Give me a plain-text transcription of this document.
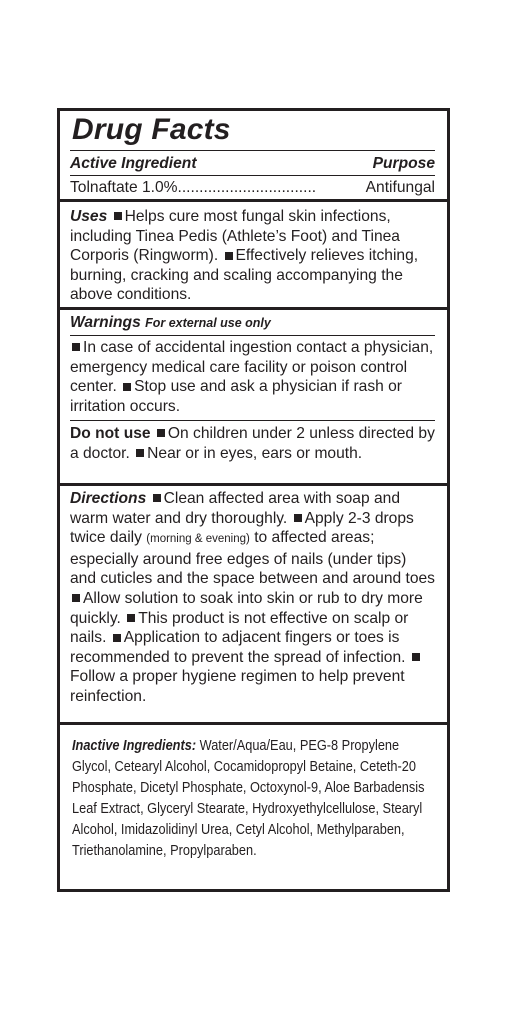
Drug Facts
Active Ingredient	Purpose
Tolnaftate 1.0%................................	Antifungal
Uses Helps cure most fungal skin infections, including Tinea Pedis (Athlete’s Foot) and Tinea Corporis (Ringworm). Effectively relieves itching, burning, cracking and scaling accompanying the above conditions.
Warnings For external use only
In case of accidental ingestion contact a physician, emergency medical care facility or poison control center. Stop use and ask a physician if rash or irritation occurs.
Do not use On children under 2 unless directed by a doctor. Near or in eyes, ears or mouth.
Directions Clean affected area with soap and warm water and dry thoroughly. Apply 2-3 drops twice daily (morning & evening) to affected areas; especially around free edges of nails (under tips) and cuticles and the space between and around toes Allow solution to soak into skin or rub to dry more quickly. This product is not effective on scalp or nails. Application to adjacent fingers or toes is recommended to prevent the spread of infection. Follow a proper hygiene regimen to help prevent reinfection.
Inactive Ingredients: Water/Aqua/Eau, PEG-8 Propylene Glycol, Cetearyl Alcohol, Cocamidopropyl Betaine, Ceteth-20 Phosphate, Dicetyl Phosphate, Octoxynol-9, Aloe Barbadensis Leaf Extract, Glyceryl Stearate, Hydroxyethylcellulose, Stearyl Alcohol, Imidazolidinyl Urea, Cetyl Alcohol, Methylparaben, Triethanolamine, Propylparaben.
